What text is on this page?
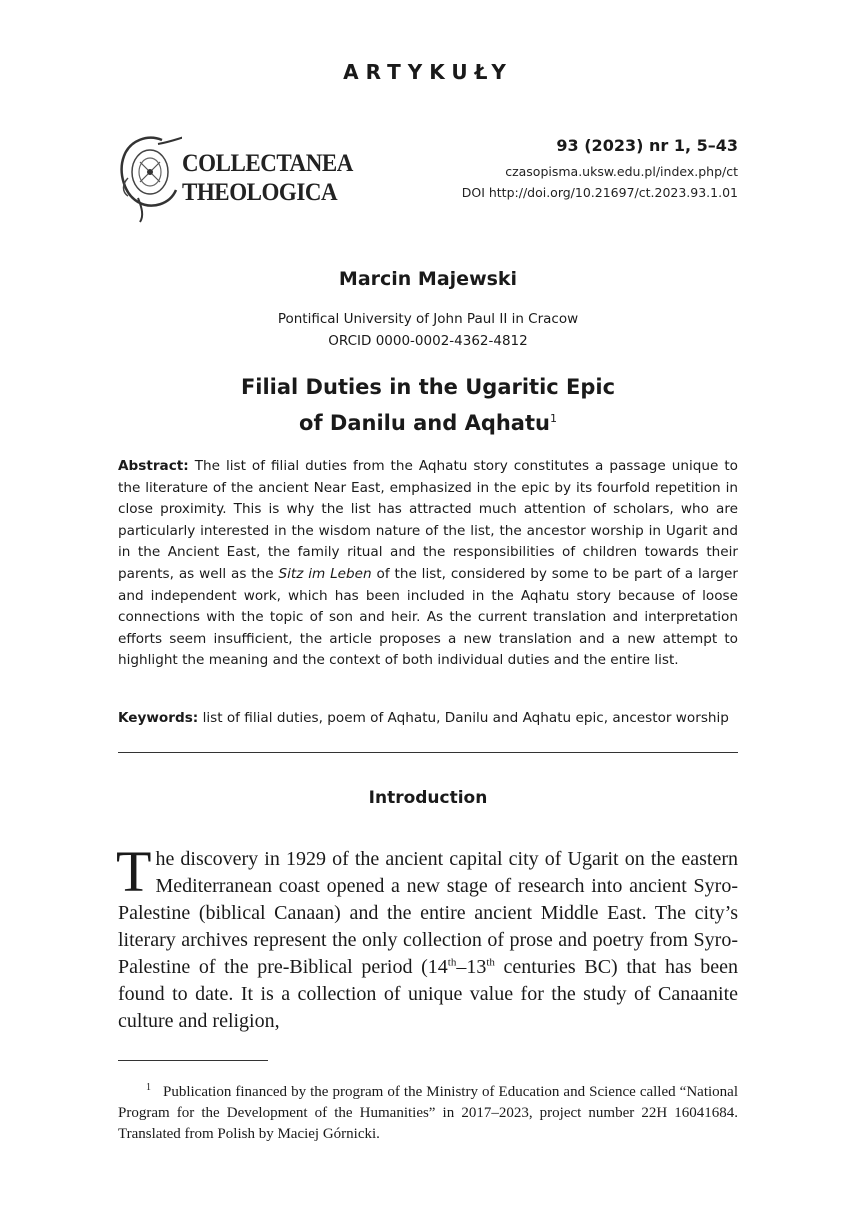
ARTYKUŁY
COLLECTANEA
THEOLOGICA
93 (2023) nr 1, 5–43
czasopisma.uksw.edu.pl/index.php/ct
DOI http://doi.org/10.21697/ct.2023.93.1.01
Marcin Majewski
Pontifical University of John Paul II in Cracow
ORCID 0000-0002-4362-4812
Filial Duties in the Ugaritic Epic
of Danilu and Aqhatu$^1$
Abstract: The list of filial duties from the Aqhatu story constitutes a passage unique to the literature of the ancient Near East, emphasized in the epic by its fourfold repetition in close proximity. This is why the list has attracted much attention of scholars, who are particularly interested in the wisdom nature of the list, the ancestor worship in Ugarit and in the Ancient East, the family ritual and the responsibilities of children towards their parents, as well as the Sitz im Leben of the list, considered by some to be part of a larger and independent work, which has been included in the Aqhatu story because of loose connections with the topic of son and heir. As the current translation and interpretation efforts seem insufficient, the article proposes a new translation and a new attempt to highlight the meaning and the context of both individual duties and the entire list.
Keywords: list of filial duties, poem of Aqhatu, Danilu and Aqhatu epic, ancestor worship
Introduction
The discovery in 1929 of the ancient capital city of Ugarit on the eastern Mediterranean coast opened a new stage of research into ancient Syro-Palestine (biblical Canaan) and the entire ancient Middle East. The city’s literary archives represent the only collection of prose and poetry from Syro-Palestine of the pre-Biblical period (14th–13th centuries BC) that has been found to date. It is a collection of unique value for the study of Canaanite culture and religion,
$^1$ Publication financed by the program of the Ministry of Education and Science called “National Program for the Development of the Humanities” in 2017–2023, project number 22H 16041684. Translated from Polish by Maciej Górnicki.
